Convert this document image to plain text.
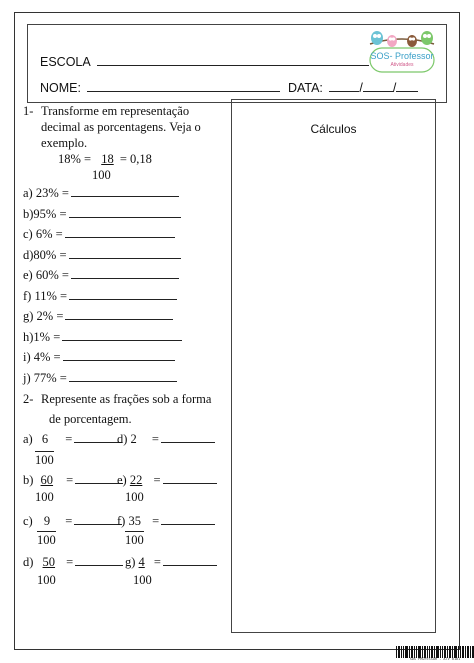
ESCOLA
NOME:	DATA:	/ /
SOS- Professor
Atividades
Cálculos
1- Transforme em representação
decimal as porcentagens. Veja o
exemplo.
18% = 18 = 0,18
100
a) 23% =
b)95% =
c) 6% =
d)80% =
e) 60% =
f) 11% =
g) 2% =
h)1% =
i) 4% =
j) 77% =
2- Represente as frações sob a forma
de porcentagem.
a) 6 =
100
d) 2 =
b) 60 =
100
e) 22 =
100
c) 9 =
100
f) 35 =
100
d) 50 =
100
g) 4 =
100
SOS PROFESSOR - ATV 0101
